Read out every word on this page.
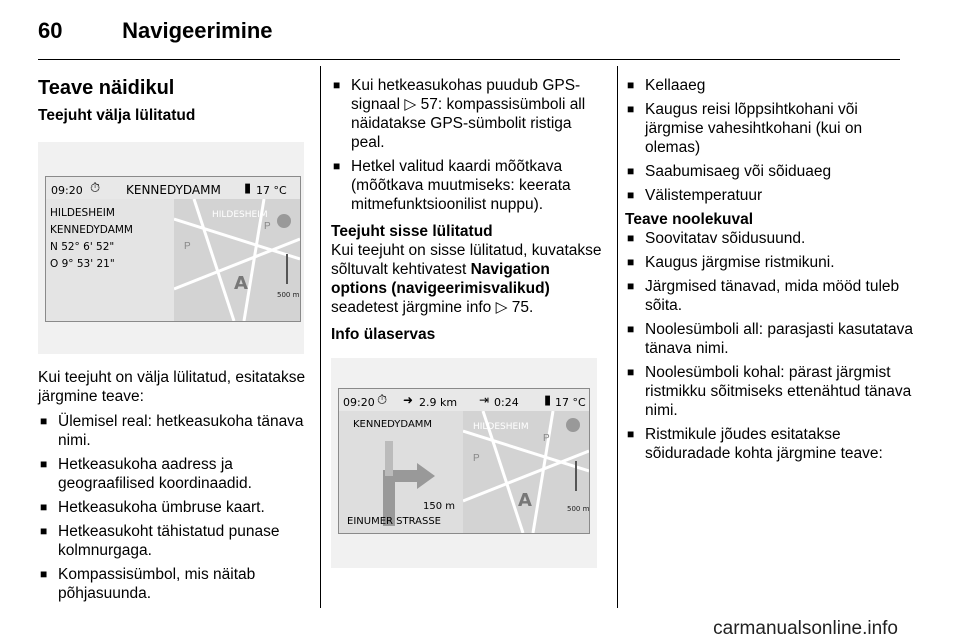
60	Navigeerimine
Teave näidikul
Teejuht välja lülitatud
09:20 ⏱ KENNEDYDAMM ▮ 17 °C
HILDESHEIM
KENNEDYDAMM
N 52° 6' 52"
O 9° 53' 21"
HILDESHEIM
A
P
P
500 m

Kui teejuht on välja lülitatud, esitatakse järgmine teave:

■ Ülemisel real: hetkeasukoha tänava nimi.
■ Hetkeasukoha aadress ja geograafilised koordinaadid.
■ Hetkeasukoha ümbruse kaart.
■ Hetkeasukoht tähistatud punase kolmnurgaga.
■ Kompassisümbol, mis näitab põhjasuunda.
■ Kui hetkeasukohas puudub GPS-signaal ▷ 57: kompassisümboli all näidatakse GPS-sümbolit ristiga peal.
■ Hetkel valitud kaardi mõõtkava (mõõtkava muutmiseks: keerata mitmefunktsioonilist nuppu).
Teejuht sisse lülitatud

Kui teejuht on sisse lülitatud, kuvatakse sõltuvalt kehtivatest Navigation options (navigeerimisvalikud) seadetest järgmine info ▷ 75.

Info ülaservas
09:20 ⏱ ➜ 2.9 km ⇥ 0:24 ▮ 17 °C
KENNEDYDAMM
150 m
EINUMER STRASSE
HILDESHEIM
A
P
P
500 m
■ Kellaaeg
■ Kaugus reisi lõppsihtkohani või järgmise vahesihtkohani (kui on olemas)
■ Saabumisaeg või sõiduaeg
■ Välistemperatuur
Teave noolekuval
■ Soovitatav sõidusuund.
■ Kaugus järgmise ristmikuni.
■ Järgmised tänavad, mida mööd tuleb sõita.
■ Noolesümboli all: parasjasti kasutatava tänava nimi.
■ Noolesümboli kohal: pärast järgmist ristmikku sõitmiseks ettenähtud tänava nimi.
■ Ristmikule jõudes esitatakse sõiduradade kohta järgmine teave:
carmanualsonline.info
